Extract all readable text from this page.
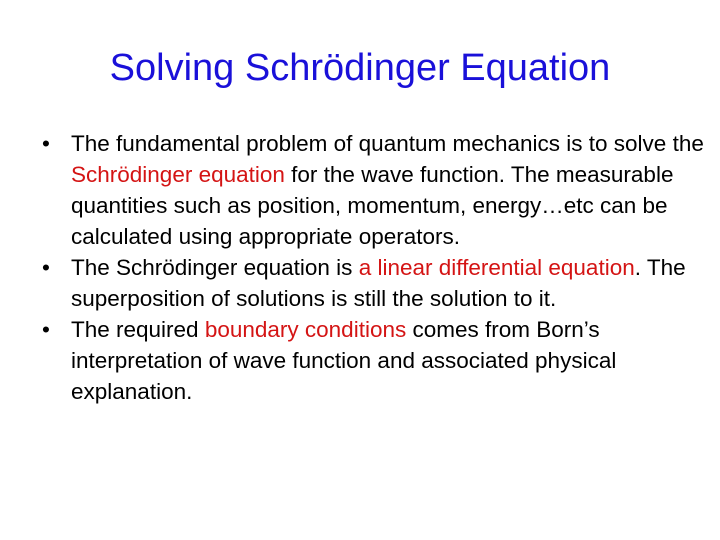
Solving Schrödinger Equation
• The fundamental problem of quantum mechanics is to solve the Schrödinger equation for the wave function. The measurable quantities such as position, momentum, energy…etc can be calculated using appropriate operators.
• The Schrödinger equation is a linear differential equation. The superposition of solutions is still the solution to it.
• The required boundary conditions comes from Born’s interpretation of wave function and associated physical explanation.
